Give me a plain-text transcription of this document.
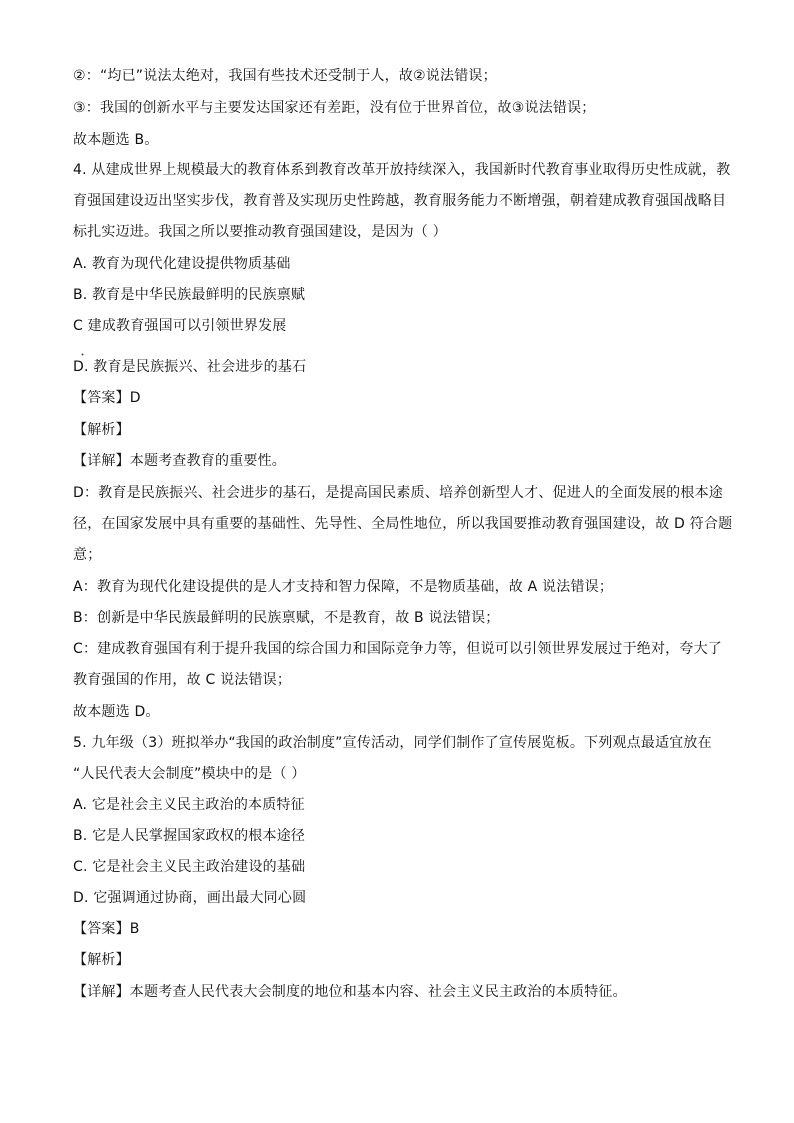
②：“均已”说法太绝对，我国有些技术还受制于人，故②说法错误；
③：我国的创新水平与主要发达国家还有差距，没有位于世界首位，故③说法错误；
故本题选 B。
4. 从建成世界上规模最大的教育体系到教育改革开放持续深入，我国新时代教育事业取得历史性成就，教
育强国建设迈出坚实步伐，教育普及实现历史性跨越，教育服务能力不断增强，朝着建成教育强国战略目
标扎实迈进。我国之所以要推动教育强国建设，是因为（ ）
A. 教育为现代化建设提供物质基础
B. 教育是中华民族最鲜明的民族禀赋
C 建成教育强国可以引领世界发展
D. 教育是民族振兴、社会进步的基石
【答案】D
【解析】
【详解】本题考查教育的重要性。
D：教育是民族振兴、社会进步的基石，是提高国民素质、培养创新型人才、促进人的全面发展的根本途
径，在国家发展中具有重要的基础性、先导性、全局性地位，所以我国要推动教育强国建设，故 D 符合题
意；
A：教育为现代化建设提供的是人才支持和智力保障，不是物质基础，故 A 说法错误；
B：创新是中华民族最鲜明的民族禀赋，不是教育，故 B 说法错误；
C：建成教育强国有利于提升我国的综合国力和国际竞争力等，但说可以引领世界发展过于绝对，夸大了
教育强国的作用，故 C 说法错误；
故本题选 D。
5. 九年级（3）班拟举办“我国的政治制度”宣传活动，同学们制作了宣传展览板。下列观点最适宜放在
“人民代表大会制度”模块中的是（ ）
A. 它是社会主义民主政治的本质特征
B. 它是人民掌握国家政权的根本途径
C. 它是社会主义民主政治建设的基础
D. 它强调通过协商，画出最大同心圆
【答案】B
【解析】
【详解】本题考查人民代表大会制度的地位和基本内容、社会主义民主政治的本质特征。
